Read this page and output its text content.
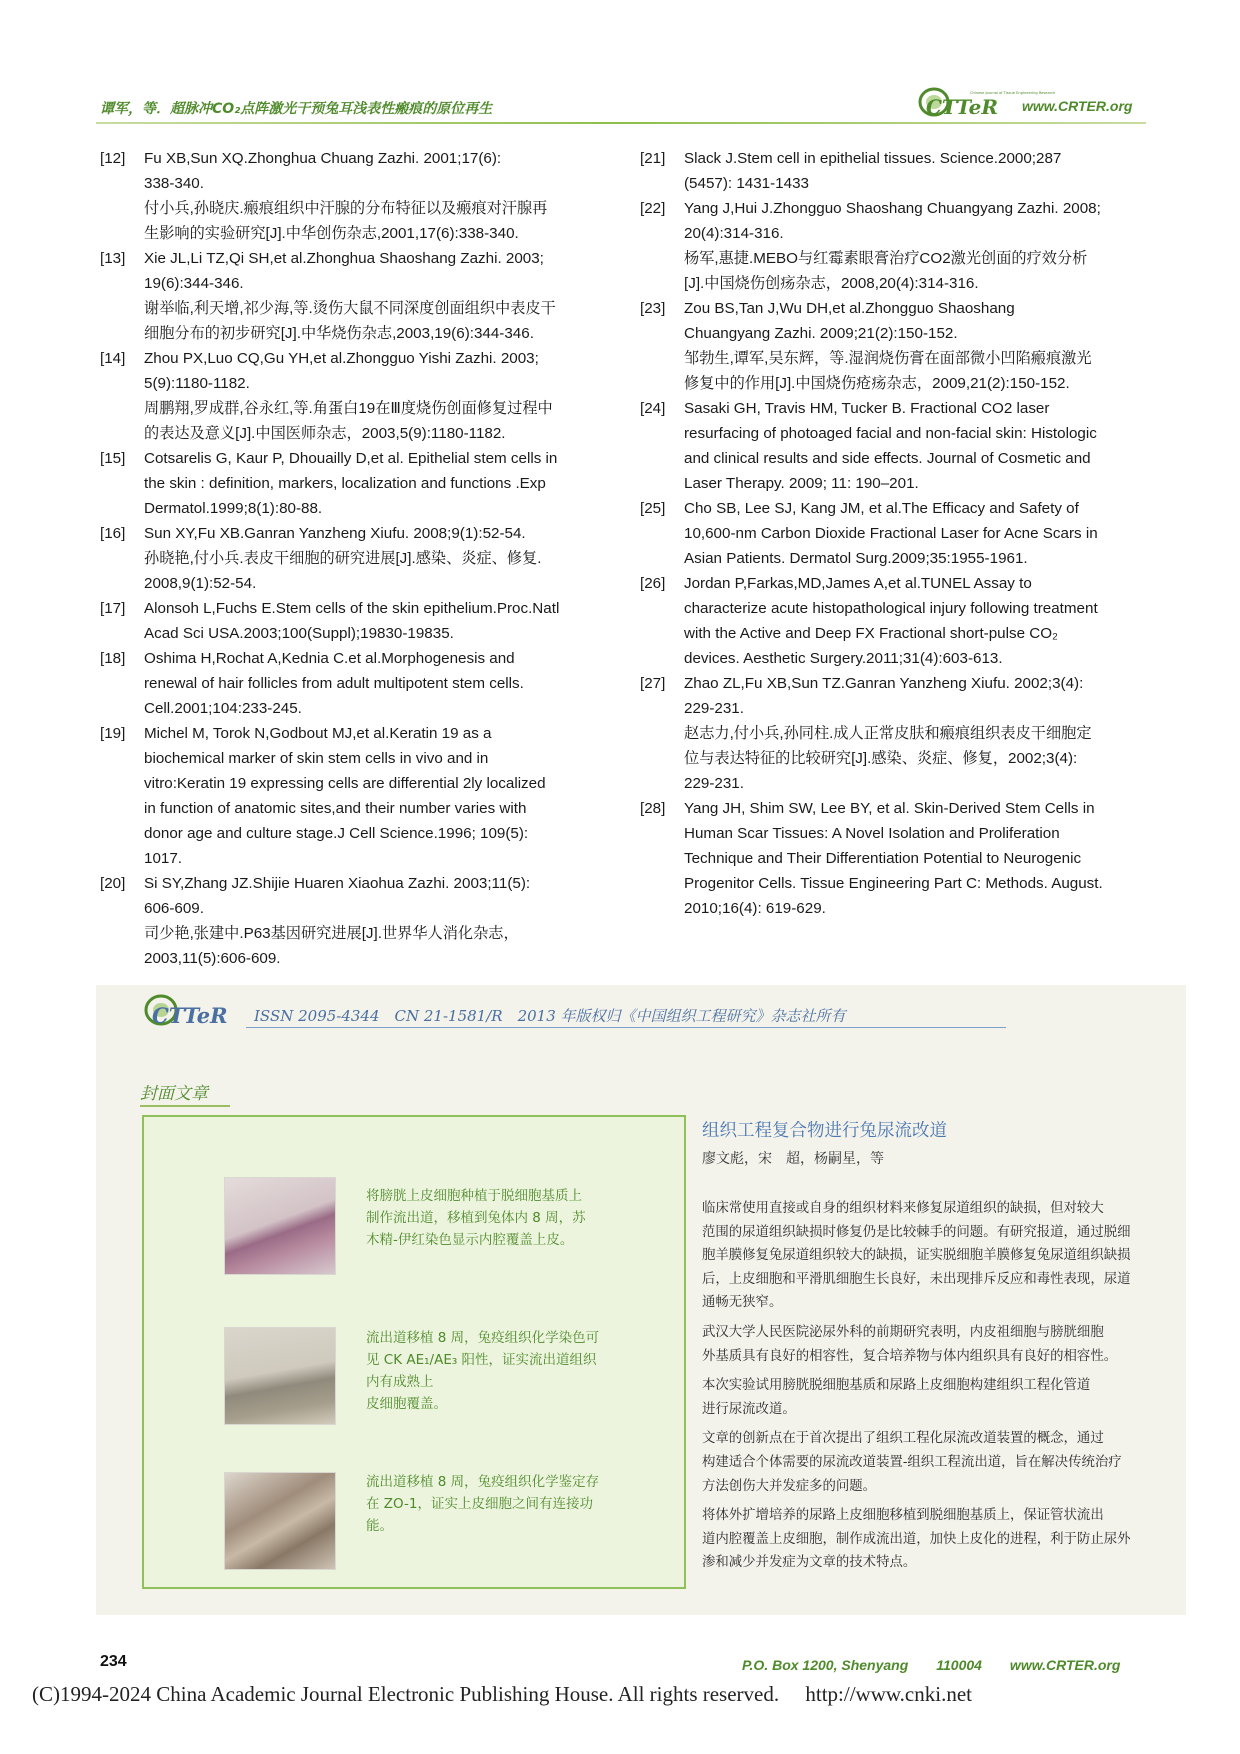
谭军，等．超脉冲CO₂点阵激光干预兔耳浅表性瘢痕的原位再生	CTTeR
Chinese Journal of Tissue Engineering Research
www.CRTER.org
[12]	Fu XB,Sun XQ.Zhonghua Chuang Zazhi. 2001;17(6):
338-340.
付小兵,孙晓庆.瘢痕组织中汗腺的分布特征以及瘢痕对汗腺再
生影响的实验研究[J].中华创伤杂志,2001,17(6):338-340.
[13]	Xie JL,Li TZ,Qi SH,et al.Zhonghua Shaoshang Zazhi. 2003;
19(6):344-346.
谢举临,利天增,祁少海,等.烫伤大鼠不同深度创面组织中表皮干
细胞分布的初步研究[J].中华烧伤杂志,2003,19(6):344-346.
[14]	Zhou PX,Luo CQ,Gu YH,et al.Zhongguo Yishi Zazhi. 2003;
5(9):1180-1182.
周鹏翔,罗成群,谷永红,等.角蛋白19在Ⅲ度烧伤创面修复过程中
的表达及意义[J].中国医师杂志，2003,5(9):1180-1182.
[15]	Cotsarelis G, Kaur P, Dhouailly D,et al. Epithelial stem cells in
the skin : definition, markers, localization and functions .Exp
Dermatol.1999;8(1):80-88.
[16]	Sun XY,Fu XB.Ganran Yanzheng Xiufu. 2008;9(1):52-54.
孙晓艳,付小兵.表皮干细胞的研究进展[J].感染、炎症、修复.
2008,9(1):52-54.
[17]	Alonsoh L,Fuchs E.Stem cells of the skin epithelium.Proc.Natl
Acad Sci USA.2003;100(Suppl);19830-19835.
[18]	Oshima H,Rochat A,Kednia C.et al.Morphogenesis and
renewal of hair follicles from adult multipotent stem cells.
Cell.2001;104:233-245.
[19]	Michel M, Torok N,Godbout MJ,et al.Keratin 19 as a
biochemical marker of skin stem cells in vivo and in
vitro:Keratin 19 expressing cells are differential 2ly localized
in function of anatomic sites,and their number varies with
donor age and culture stage.J Cell Science.1996; 109(5):
1017.
[20]	Si SY,Zhang JZ.Shijie Huaren Xiaohua Zazhi. 2003;11(5):
606-609.
司少艳,张建中.P63基因研究进展[J].世界华人消化杂志，
2003,11(5):606-609.
[21]	Slack J.Stem cell in epithelial tissues. Science.2000;287
(5457): 1431-1433
[22]	Yang J,Hui J.Zhongguo Shaoshang Chuangyang Zazhi. 2008;
20(4):314-316.
杨军,惠捷.MEBO与红霉素眼膏治疗CO2激光创面的疗效分析
[J].中国烧伤创疡杂志，2008,20(4):314-316.
[23]	Zou BS,Tan J,Wu DH,et al.Zhongguo Shaoshang
Chuangyang Zazhi. 2009;21(2):150-152.
邹勃生,谭军,吴东辉，等.湿润烧伤膏在面部微小凹陷瘢痕激光
修复中的作用[J].中国烧伤疮疡杂志，2009,21(2):150-152.
[24]	Sasaki GH, Travis HM, Tucker B. Fractional CO2 laser
resurfacing of photoaged facial and non-facial skin: Histologic
and clinical results and side effects. Journal of Cosmetic and
Laser Therapy. 2009; 11: 190–201.
[25]	Cho SB, Lee SJ, Kang JM, et al.The Efficacy and Safety of
10,600-nm Carbon Dioxide Fractional Laser for Acne Scars in
Asian Patients. Dermatol Surg.2009;35:1955-1961.
[26]	Jordan P,Farkas,MD,James A,et al.TUNEL Assay to
characterize acute histopathological injury following treatment
with the Active and Deep FX Fractional short-pulse CO₂
devices. Aesthetic Surgery.2011;31(4):603-613.
[27]	Zhao ZL,Fu XB,Sun TZ.Ganran Yanzheng Xiufu. 2002;3(4):
229-231.
赵志力,付小兵,孙同柱.成人正常皮肤和瘢痕组织表皮干细胞定
位与表达特征的比较研究[J].感染、炎症、修复，2002;3(4):
229-231.
[28]	Yang JH, Shim SW, Lee BY, et al. Skin-Derived Stem Cells in
Human Scar Tissues: A Novel Isolation and Proliferation
Technique and Their Differentiation Potential to Neurogenic
Progenitor Cells. Tissue Engineering Part C: Methods. August.
2010;16(4): 619-629.
CTTeR ISSN 2095-4344　CN 21-1581/R　2013 年版权归《中国组织工程研究》杂志社所有
封面文章
将膀胱上皮细胞种植于脱细胞基质上
制作流出道，移植到兔体内 8 周，苏
木精-伊红染色显示内腔覆盖上皮。
流出道移植 8 周，兔疫组织化学染色可
见 CK AE₁/AE₃ 阳性，证实流出道组织
内有成熟上
皮细胞覆盖。
流出道移植 8 周，兔疫组织化学鉴定存
在 ZO-1，证实上皮细胞之间有连接功
能。
组织工程复合物进行兔尿流改道
廖文彪，宋　超，杨嗣星，等
临床常使用直接或自身的组织材料来修复尿道组织的缺损，但对较大
范围的尿道组织缺损时修复仍是比较棘手的问题。有研究报道，通过脱细
胞羊膜修复兔尿道组织较大的缺损，证实脱细胞羊膜修复兔尿道组织缺损
后，上皮细胞和平滑肌细胞生长良好，未出现排斥反应和毒性表现，尿道
通畅无狭窄。
武汉大学人民医院泌尿外科的前期研究表明，内皮祖细胞与膀胱细胞
外基质具有良好的相容性，复合培养物与体内组织具有良好的相容性。
本次实验试用膀胱脱细胞基质和尿路上皮细胞构建组织工程化管道
进行尿流改道。
文章的创新点在于首次提出了组织工程化尿流改道装置的概念，通过
构建适合个体需要的尿流改道装置-组织工程流出道，旨在解决传统治疗
方法创伤大并发症多的问题。
将体外扩增培养的尿路上皮细胞移植到脱细胞基质上，保证管状流出
道内腔覆盖上皮细胞，制作成流出道，加快上皮化的进程，利于防止尿外
渗和减少并发症为文章的技术特点。
234	P.O. Box 1200, Shenyang　　110004　　www.CRTER.org
(C)1994-2024 China Academic Journal Electronic Publishing House. All rights reserved.　 http://www.cnki.net
